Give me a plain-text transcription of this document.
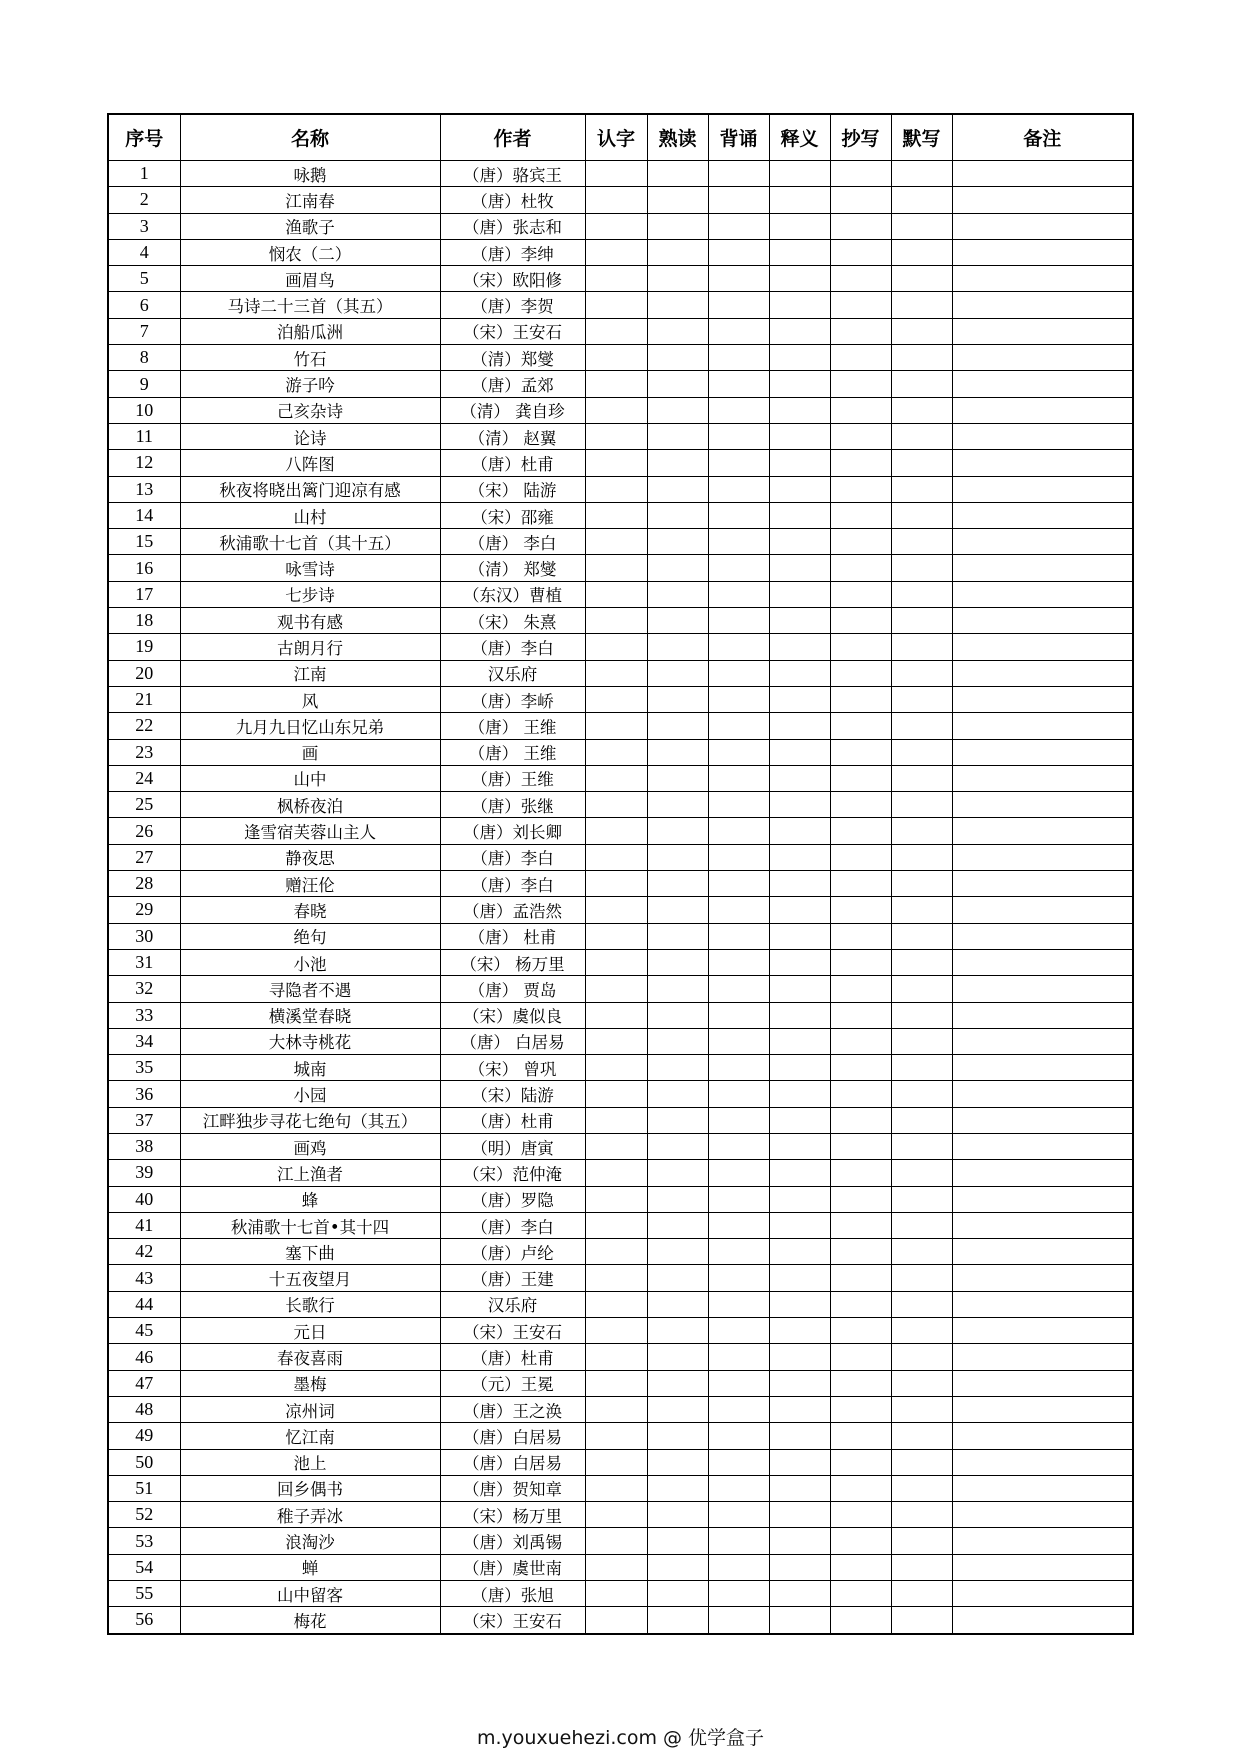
序号	名称	作者	认字	熟读	背诵	释义	抄写	默写	备注
1	咏鹅	（唐）骆宾王							
2	江南春	（唐）杜牧							
3	渔歌子	（唐）张志和							
4	悯农（二）	（唐）李绅							
5	画眉鸟	（宋）欧阳修							
6	马诗二十三首（其五）	（唐）李贺							
7	泊船瓜洲	（宋）王安石							
8	竹石	（清）郑燮							
9	游子吟	（唐）孟郊							
10	己亥杂诗	（清） 龚自珍							
11	论诗	（清） 赵翼							
12	八阵图	（唐）杜甫							
13	秋夜将晓出篱门迎凉有感	（宋） 陆游							
14	山村	（宋）邵雍							
15	秋浦歌十七首（其十五）	（唐） 李白							
16	咏雪诗	（清） 郑燮							
17	七步诗	（东汉）曹植							
18	观书有感	（宋） 朱熹							
19	古朗月行	（唐）李白							
20	江南	汉乐府							
21	风	（唐）李峤							
22	九月九日忆山东兄弟	（唐） 王维							
23	画	（唐） 王维							
24	山中	（唐）王维							
25	枫桥夜泊	（唐）张继							
26	逢雪宿芙蓉山主人	（唐）刘长卿							
27	静夜思	（唐）李白							
28	赠汪伦	（唐）李白							
29	春晓	（唐）孟浩然							
30	绝句	（唐） 杜甫							
31	小池	（宋） 杨万里							
32	寻隐者不遇	（唐） 贾岛							
33	横溪堂春晓	（宋）虞似良							
34	大林寺桃花	（唐） 白居易							
35	城南	（宋） 曾巩							
36	小园	（宋）陆游							
37	江畔独步寻花七绝句（其五）	（唐）杜甫							
38	画鸡	（明）唐寅							
39	江上渔者	（宋）范仲淹							
40	蜂	（唐）罗隐							
41	秋浦歌十七首•其十四	（唐）李白							
42	塞下曲	（唐）卢纶							
43	十五夜望月	（唐）王建							
44	长歌行	汉乐府							
45	元日	（宋）王安石							
46	春夜喜雨	（唐）杜甫							
47	墨梅	（元）王冕							
48	凉州词	（唐）王之涣							
49	忆江南	（唐）白居易							
50	池上	（唐）白居易							
51	回乡偶书	（唐）贺知章							
52	稚子弄冰	（宋）杨万里							
53	浪淘沙	（唐）刘禹锡							
54	蝉	（唐）虞世南							
55	山中留客	（唐）张旭							
56	梅花	（宋）王安石							
m.youxuehezi.com @ 优学盒子
